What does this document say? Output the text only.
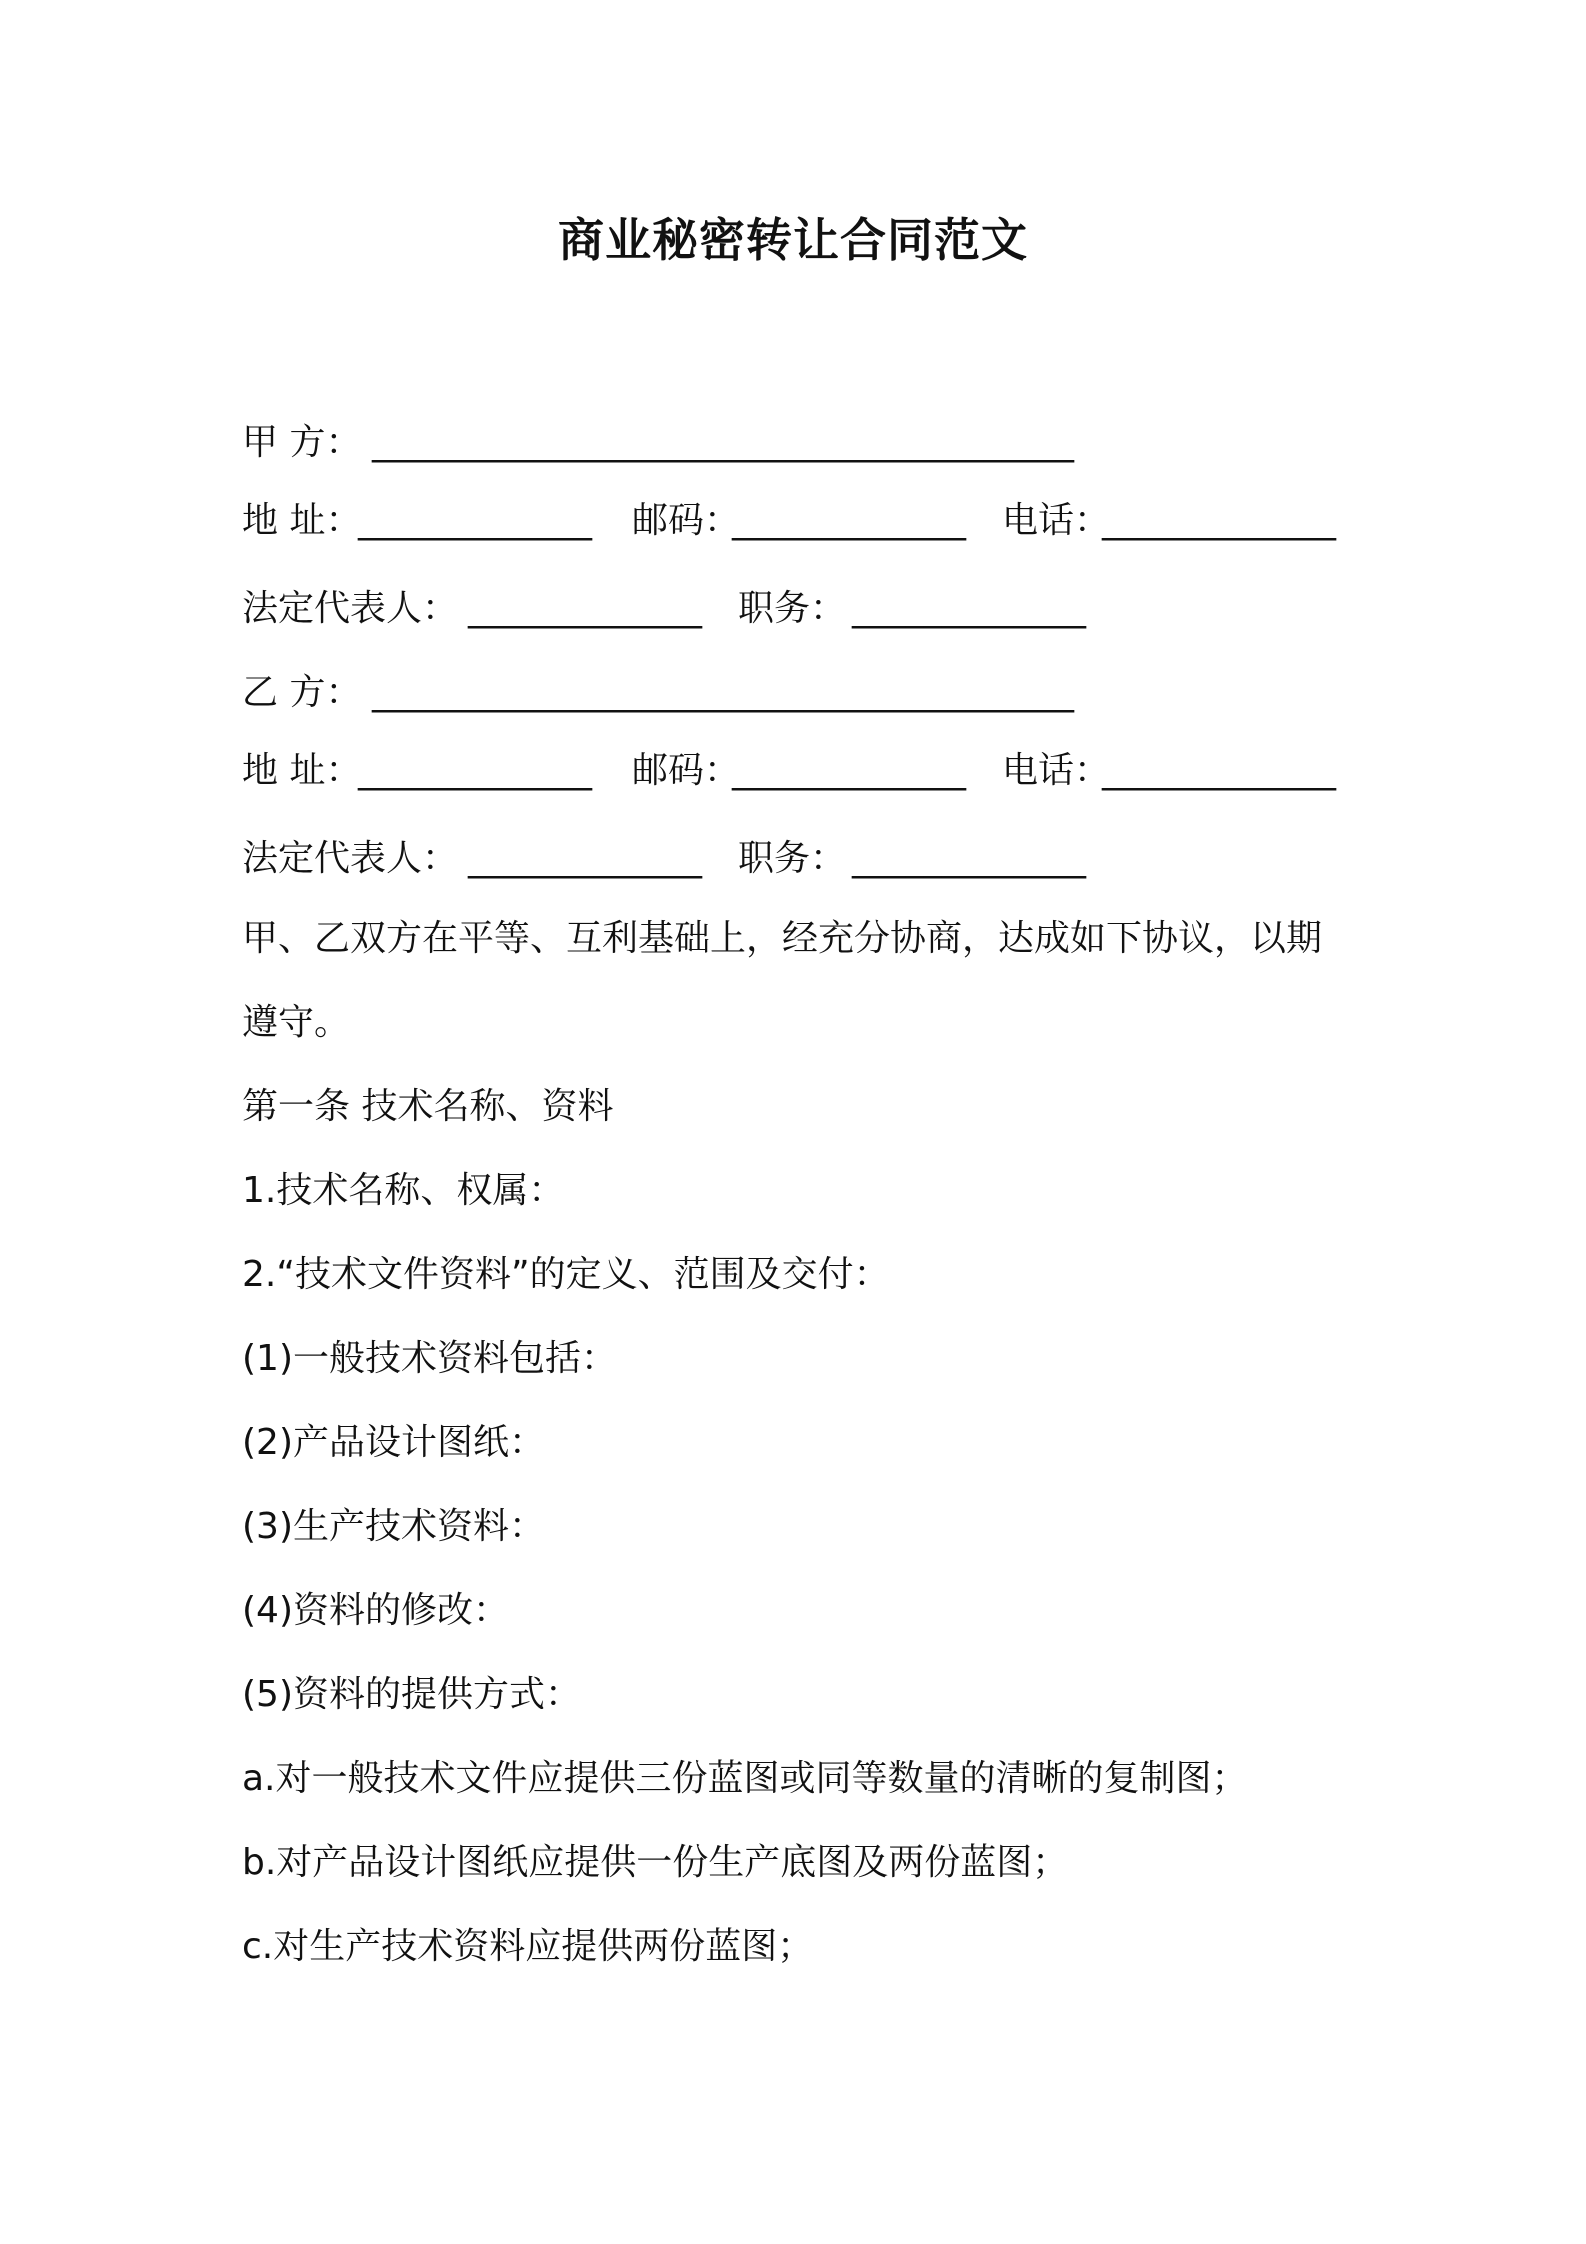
商业秘密转让合同范文
甲 方： _______________________________________
地 址：
_____________ 邮码：
_____________ 电话：
_____________
法定代表人： _____________ 职务： _____________
乙 方： _______________________________________
地 址：
_____________ 邮码：
_____________ 电话：
_____________
法定代表人： _____________ 职务： _____________
甲、乙双方在平等、互利基础上，经充分协商，达成如下协议，以期
遵守。
第一条 技术名称、资料
1.技术名称、权属：
2.“技术文件资料”的定义、范围及交付：
(1)一般技术资料包括：
(2)产品设计图纸：
(3)生产技术资料：
(4)资料的修改：
(5)资料的提供方式：
a.对一般技术文件应提供三份蓝图或同等数量的清晰的复制图；
b.对产品设计图纸应提供一份生产底图及两份蓝图；
c.对生产技术资料应提供两份蓝图；
